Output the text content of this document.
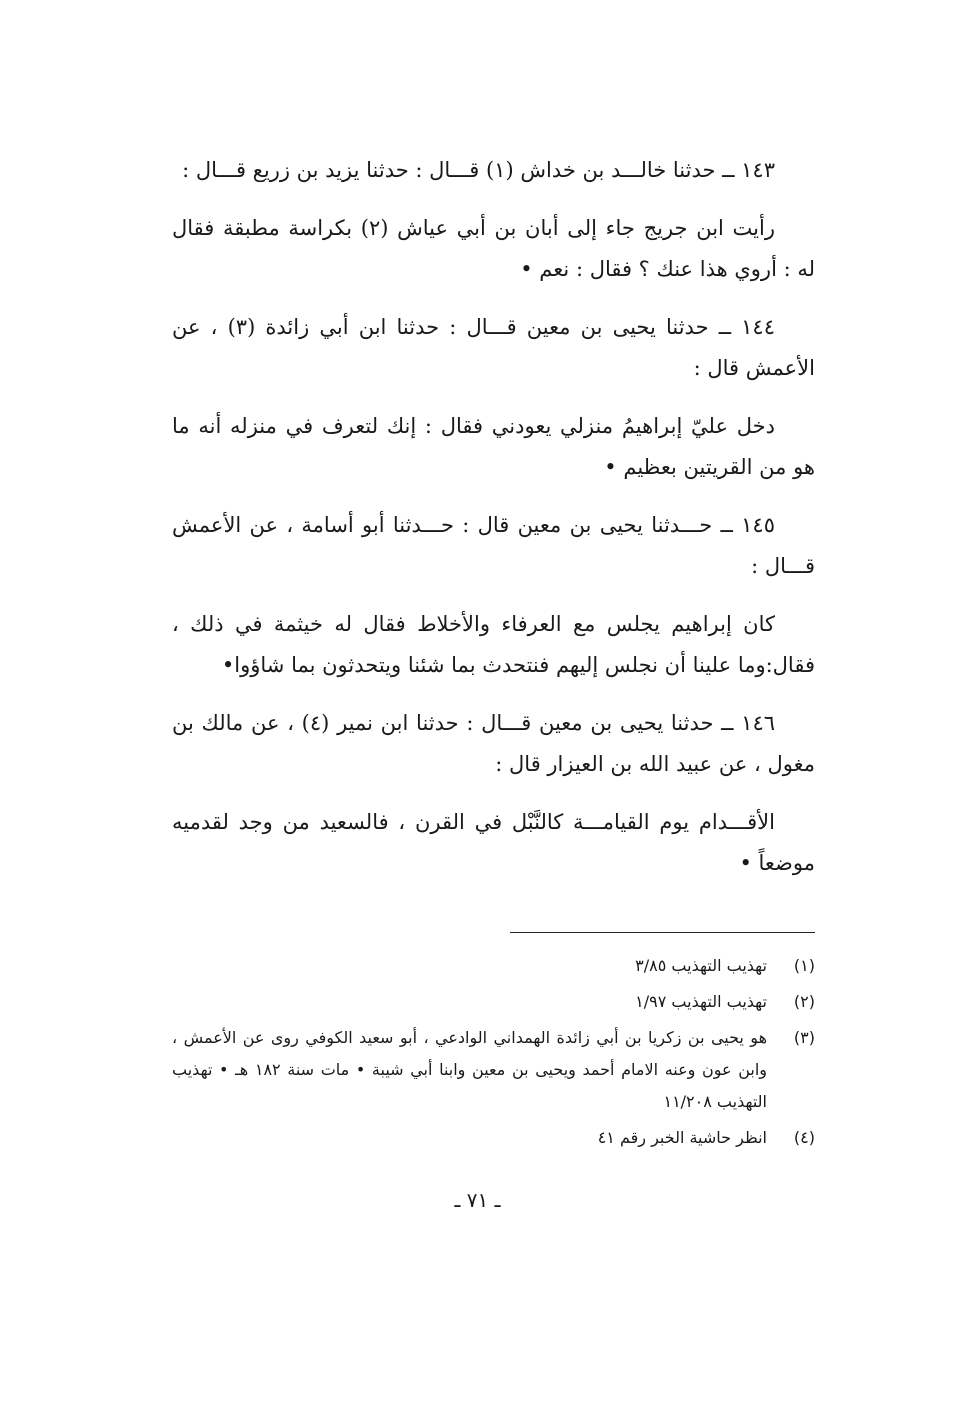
١٤٣ ــ حدثنا خالـــد بن خداش (١) قـــال : حدثنا يزيد بن زريع قـــال :

رأيت ابن جريج جاء إلى أبان بن أبي عياش (٢) بكراسة مطبقة فقال له : أروي هذا عنك ؟ فقال : نعم •

١٤٤ ــ حدثنا يحيى بن معين قـــال : حدثنا ابن أبي زائدة (٣) ، عن الأعمش قال :

دخل عليّ إبراهيمُ منزلي يعودني فقال : إنك لتعرف في منزله أنه ما هو من القريتين بعظيم •

١٤٥ ــ حـــدثنا يحيى بن معين قال : حـــدثنا أبو أسامة ، عن الأعمش قـــال :

كان إبراهيم يجلس مع العرفاء والأخلاط فقال له خيثمة في ذلك ، فقال:وما علينا أن نجلس إليهم فنتحدث بما شئنا ويتحدثون بما شاؤوا•

١٤٦ ــ حدثنا يحيى بن معين قـــال : حدثنا ابن نمير (٤) ، عن مالك بن مغول ، عن عبيد الله بن العيزار قال :

الأقـــدام يوم القيامـــة كالنَّبْل في القرن ، فالسعيد من وجد لقدميه موضعاً •

(١)
تهذيب التهذيب ٣/٨٥
(٢)
تهذيب التهذيب ١/٩٧
(٣)
هو يحيى بن زكريا بن أبي زائدة الهمداني الوادعي ، أبو سعيد الكوفي روى عن الأعمش ، وابن عون وعنه الامام أحمد ويحيى بن معين وابنا أبي شيبة • مات سنة ١٨٢ هـ • تهذيب التهذيب ١١/٢٠٨
(٤)
انظر حاشية الخبر رقم ٤١
ـ ٧١ ـ
